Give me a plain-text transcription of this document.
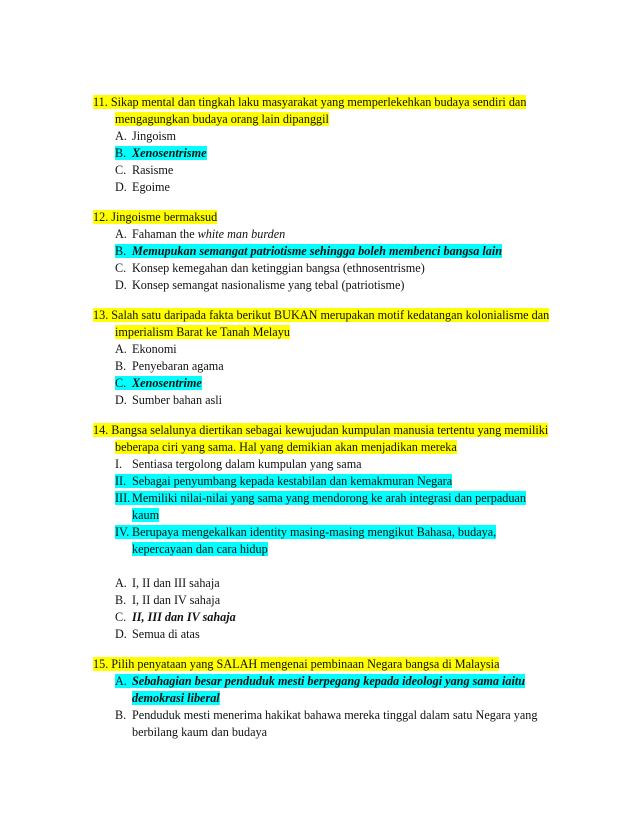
11. Sikap mental dan tingkah laku masyarakat yang memperlekehkan budaya sendiri dan
mengagungkan budaya orang lain dipanggil
A. Jingoism
B. Xenosentrisme
C. Rasisme
D. Egoime
12. Jingoisme bermaksud
A. Fahaman the white man burden
B. Memupukan semangat patriotisme sehingga boleh membenci bangsa lain
C. Konsep kemegahan dan ketinggian bangsa (ethnosentrisme)
D. Konsep semangat nasionalisme yang tebal (patriotisme)
13. Salah satu daripada fakta berikut BUKAN merupakan motif kedatangan kolonialisme dan
imperialism Barat ke Tanah Melayu
A. Ekonomi
B. Penyebaran agama
C. Xenosentrime
D. Sumber bahan asli
14. Bangsa selalunya diertikan sebagai kewujudan kumpulan manusia tertentu yang memiliki
beberapa ciri yang sama. Hal yang demikian akan menjadikan mereka
I. Sentiasa tergolong dalam kumpulan yang sama
II. Sebagai penyumbang kepada kestabilan dan kemakmuran Negara
III. Memiliki nilai-nilai yang sama yang mendorong ke arah integrasi dan perpaduan
kaum
IV. Berupaya mengekalkan identity masing-masing mengikut Bahasa, budaya,
kepercayaan dan cara hidup
A. I, II dan III sahaja
B. I, II dan IV sahaja
C. II, III dan IV sahaja
D. Semua di atas
15. Pilih penyataan yang SALAH mengenai pembinaan Negara bangsa di Malaysia
A. Sebahagian besar penduduk mesti berpegang kepada ideologi yang sama iaitu
demokrasi liberal
B. Penduduk mesti menerima hakikat bahawa mereka tinggal dalam satu Negara yang
berbilang kaum dan budaya
